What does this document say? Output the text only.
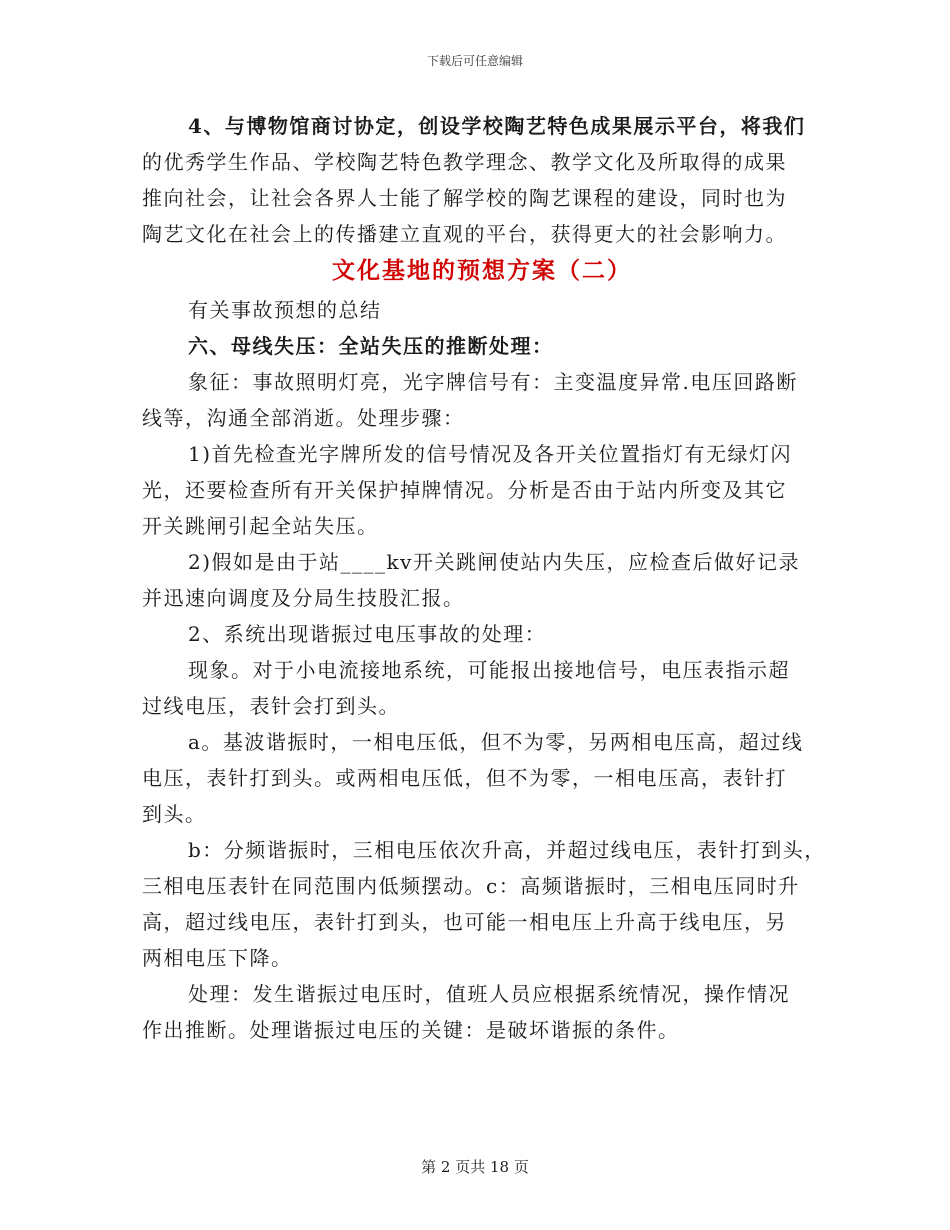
下载后可任意编辑
4、与博物馆商讨协定，创设学校陶艺特色成果展示平台，将我们
的优秀学生作品、学校陶艺特色教学理念、教学文化及所取得的成果
推向社会，让社会各界人士能了解学校的陶艺课程的建设，同时也为
陶艺文化在社会上的传播建立直观的平台，获得更大的社会影响力。
文化基地的预想方案（二）
有关事故预想的总结
六、母线失压：全站失压的推断处理：
象征：事故照明灯亮，光字牌信号有：主变温度异常.电压回路断
线等，沟通全部消逝。处理步骤：
1)首先检查光字牌所发的信号情况及各开关位置指灯有无绿灯闪
光，还要检查所有开关保护掉牌情况。分析是否由于站内所变及其它
开关跳闸引起全站失压。
2)假如是由于站____kv开关跳闸使站内失压，应检查后做好记录
并迅速向调度及分局生技股汇报。
2、系统出现谐振过电压事故的处理：
现象。对于小电流接地系统，可能报出接地信号，电压表指示超
过线电压，表针会打到头。
a。基波谐振时，一相电压低，但不为零，另两相电压高，超过线
电压，表针打到头。或两相电压低，但不为零，一相电压高，表针打
到头。
b：分频谐振时，三相电压依次升高，并超过线电压，表针打到头，
三相电压表针在同范围内低频摆动。c：高频谐振时，三相电压同时升
高，超过线电压，表针打到头，也可能一相电压上升高于线电压，另
两相电压下降。
处理：发生谐振过电压时，值班人员应根据系统情况，操作情况
作出推断。处理谐振过电压的关键：是破坏谐振的条件。
第 2 页共 18 页
